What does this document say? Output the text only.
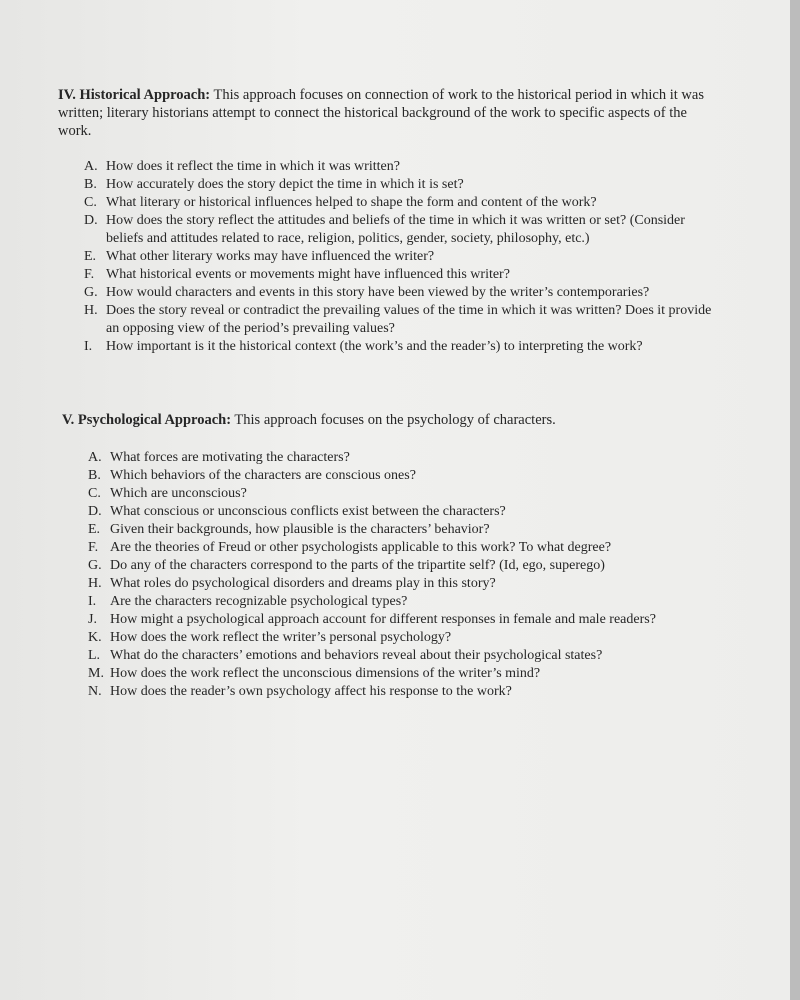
IV. Historical Approach: This approach focuses on connection of work to the historical period in which it was written; literary historians attempt to connect the historical background of the work to specific aspects of the work.

A. How does it reflect the time in which it was written?
B. How accurately does the story depict the time in which it is set?
C. What literary or historical influences helped to shape the form and content of the work?
D. How does the story reflect the attitudes and beliefs of the time in which it was written or set? (Consider beliefs and attitudes related to race, religion, politics, gender, society, philosophy, etc.)
E. What other literary works may have influenced the writer?
F. What historical events or movements might have influenced this writer?
G. How would characters and events in this story have been viewed by the writer’s contemporaries?
H. Does the story reveal or contradict the prevailing values of the time in which it was written? Does it provide an opposing view of the period’s prevailing values?
I. How important is it the historical context (the work’s and the reader’s) to interpreting the work?

V. Psychological Approach: This approach focuses on the psychology of characters.

A. What forces are motivating the characters?
B. Which behaviors of the characters are conscious ones?
C. Which are unconscious?
D. What conscious or unconscious conflicts exist between the characters?
E. Given their backgrounds, how plausible is the characters’ behavior?
F. Are the theories of Freud or other psychologists applicable to this work? To what degree?
G. Do any of the characters correspond to the parts of the tripartite self? (Id, ego, superego)
H. What roles do psychological disorders and dreams play in this story?
I. Are the characters recognizable psychological types?
J. How might a psychological approach account for different responses in female and male readers?
K. How does the work reflect the writer’s personal psychology?
L. What do the characters’ emotions and behaviors reveal about their psychological states?
M. How does the work reflect the unconscious dimensions of the writer’s mind?
N. How does the reader’s own psychology affect his response to the work?
